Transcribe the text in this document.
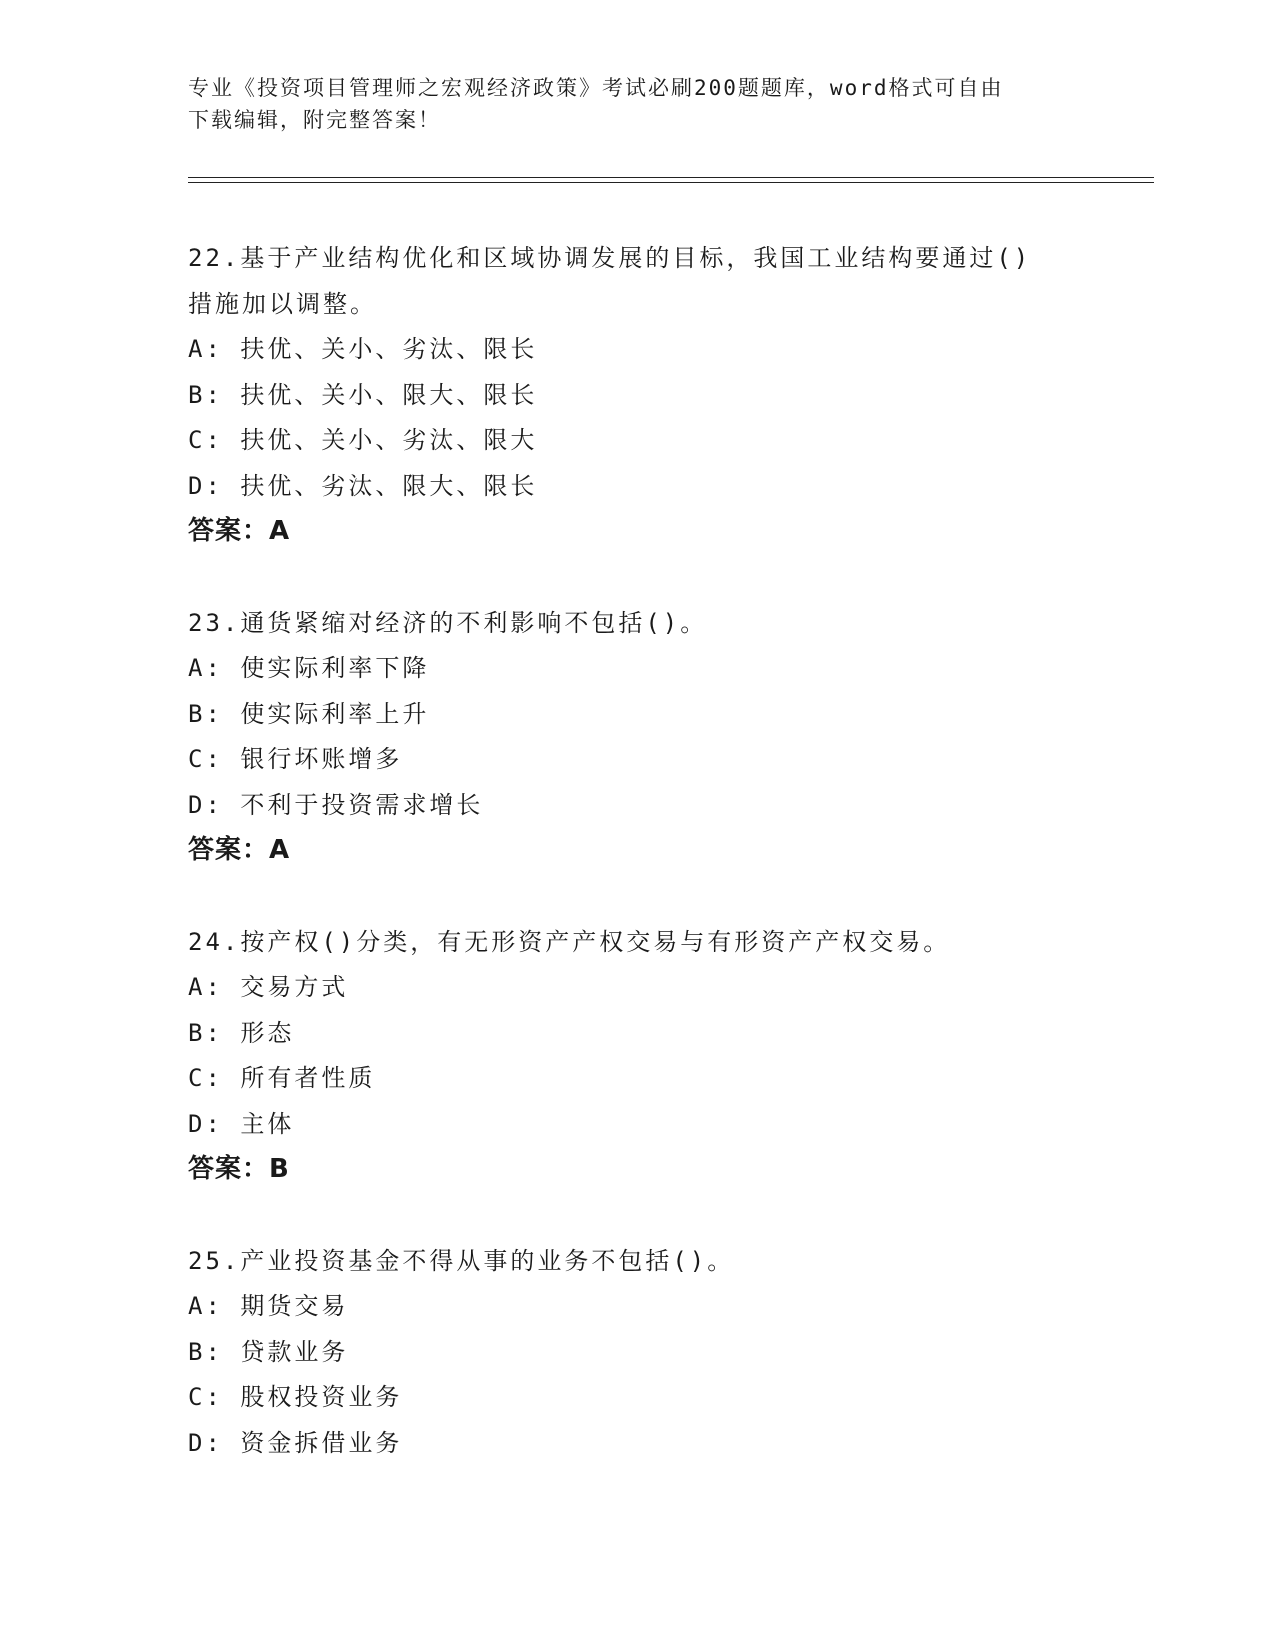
专业《投资项目管理师之宏观经济政策》考试必刷200题题库，word格式可自由
下载编辑，附完整答案！
22.基于产业结构优化和区域协调发展的目标，我国工业结构要通过()
措施加以调整。
A: 扶优、关小、劣汰、限长
B: 扶优、关小、限大、限长
C: 扶优、关小、劣汰、限大
D: 扶优、劣汰、限大、限长
答案：A
23.通货紧缩对经济的不利影响不包括()。
A: 使实际利率下降
B: 使实际利率上升
C: 银行坏账增多
D: 不利于投资需求增长
答案：A
24.按产权()分类，有无形资产产权交易与有形资产产权交易。
A: 交易方式
B: 形态
C: 所有者性质
D: 主体
答案：B
25.产业投资基金不得从事的业务不包括()。
A: 期货交易
B: 贷款业务
C: 股权投资业务
D: 资金拆借业务
